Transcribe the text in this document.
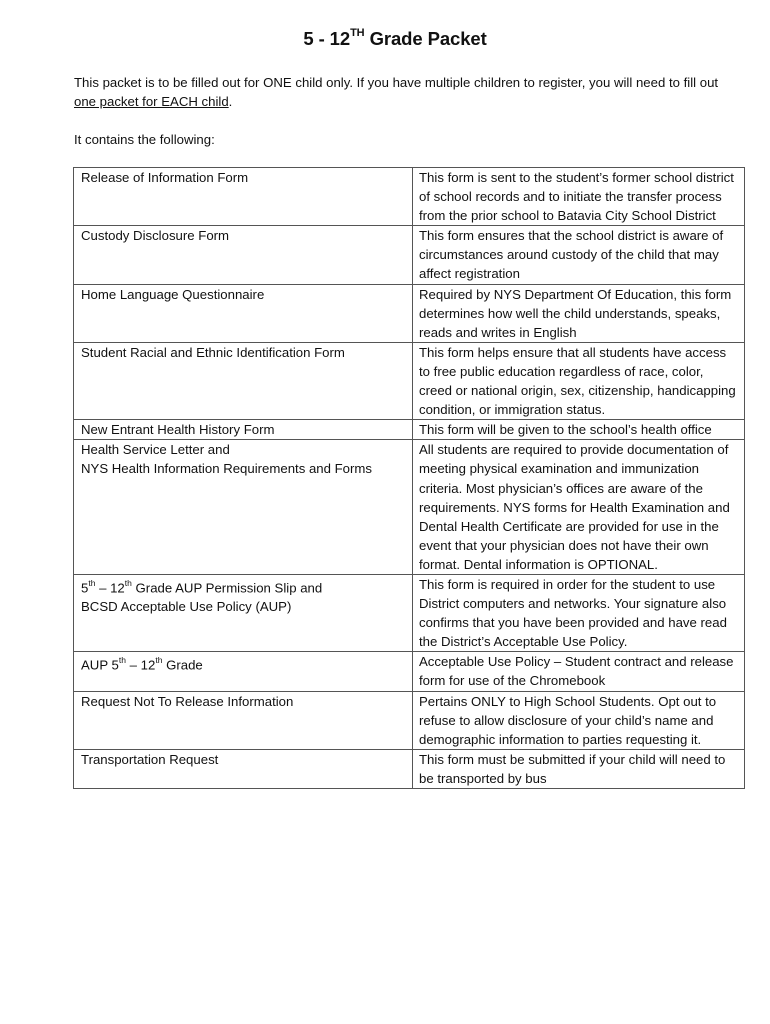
5 - 12TH Grade Packet
This packet is to be filled out for ONE child only. If you have multiple children to register, you will need to fill out one packet for EACH child.
It contains the following:
Release of Information Form	This form is sent to the student’s former school district of school records and to initiate the transfer process from the prior school to Batavia City School District
Custody Disclosure Form	This form ensures that the school district is aware of circumstances around custody of the child that may affect registration
Home Language Questionnaire	Required by NYS Department Of Education, this form determines how well the child understands, speaks, reads and writes in English
Student Racial and Ethnic Identification Form	This form helps ensure that all students have access to free public education regardless of race, color, creed or national origin, sex, citizenship, handicapping condition, or immigration status.
New Entrant Health History Form	This form will be given to the school’s health office
Health Service Letter and
NYS Health Information Requirements and Forms	All students are required to provide documentation of meeting physical examination and immunization criteria. Most physician’s offices are aware of the requirements. NYS forms for Health Examination and Dental Health Certificate are provided for use in the event that your physician does not have their own format. Dental information is OPTIONAL.
5th – 12th Grade AUP Permission Slip and
BCSD Acceptable Use Policy (AUP)	This form is required in order for the student to use District computers and networks. Your signature also confirms that you have been provided and have read the District’s Acceptable Use Policy.
AUP 5th – 12th Grade	Acceptable Use Policy – Student contract and release form for use of the Chromebook
Request Not To Release Information	Pertains ONLY to High School Students. Opt out to refuse to allow disclosure of your child’s name and demographic information to parties requesting it.
Transportation Request	This form must be submitted if your child will need to be transported by bus
